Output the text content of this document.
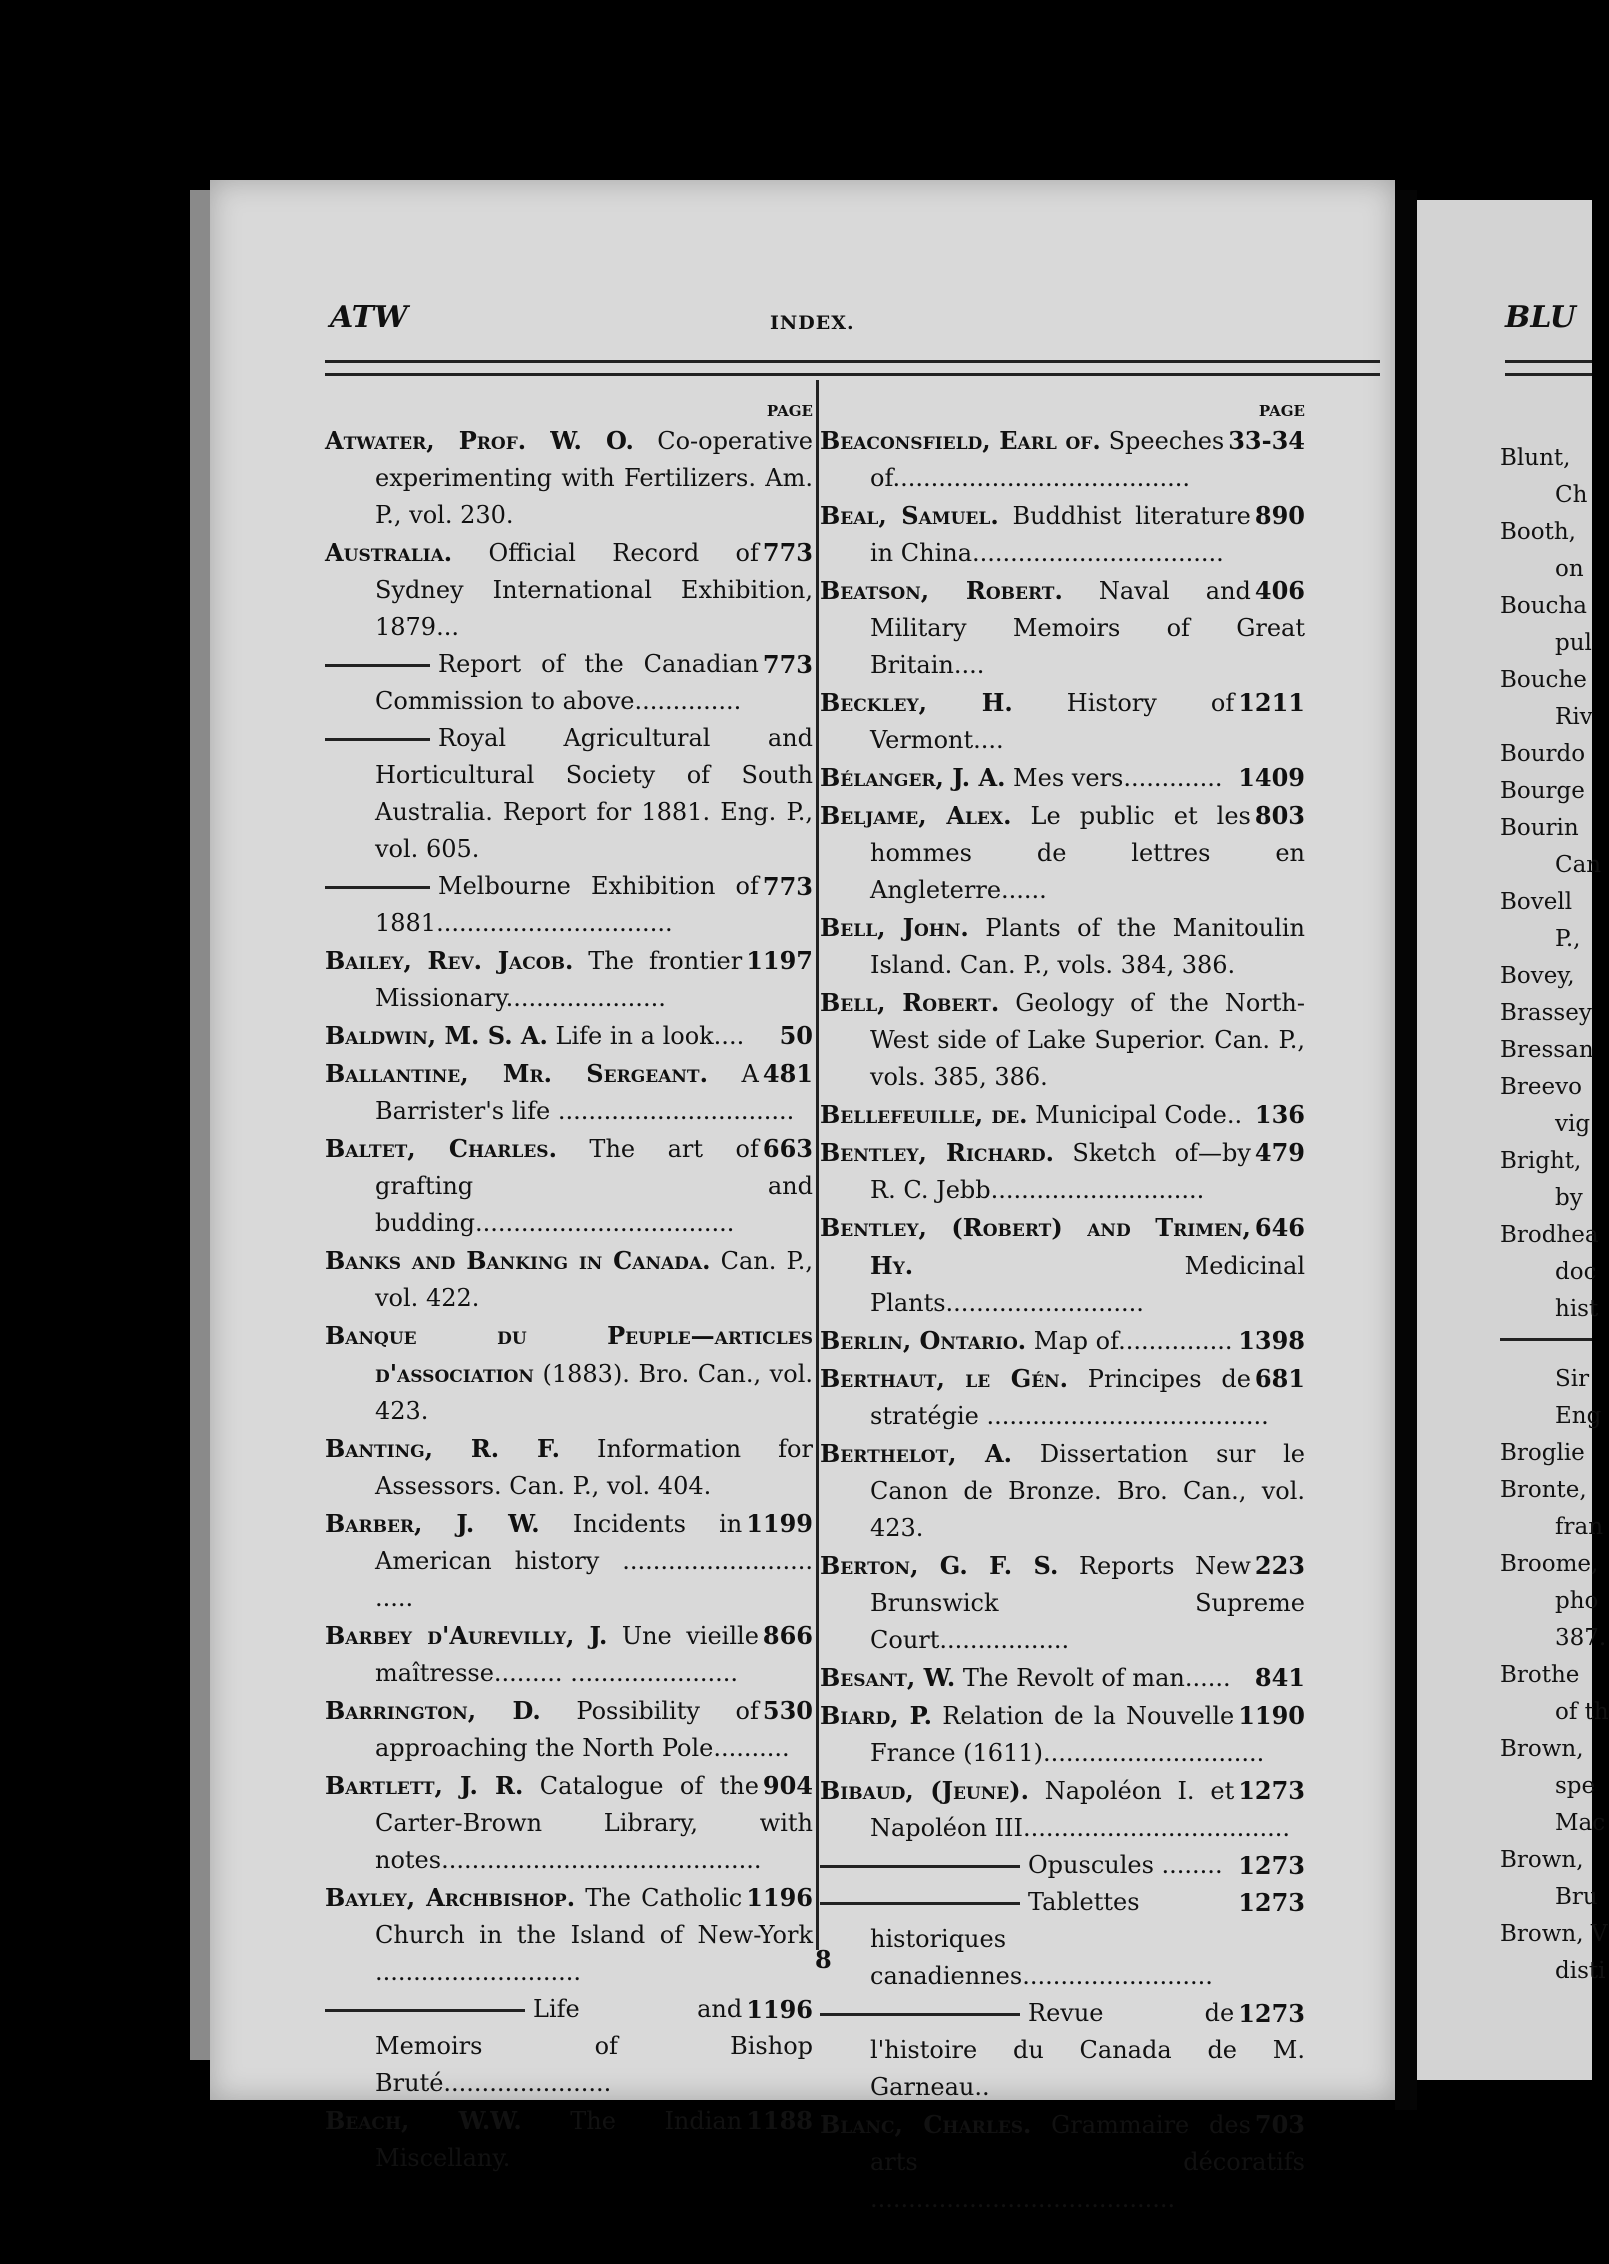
ATW	INDEX.	BLU
PAGE
Atwater, Prof. W. O. Co-operative experimenting with Fertilizers. Am. P., vol. 230.
773
Australia. Official Record of Sydney International Exhibition, 1879...
773
Report of the Canadian Commission to above..............
Royal Agricultural and Horticultural Society of South Australia. Report for 1881. Eng. P., vol. 605.
773
Melbourne Exhibition of 1881...............................
1197
Bailey, Rev. Jacob. The frontier Missionary.....................
50
Baldwin, M. S. A. Life in a look....
481
Ballantine, Mr. Sergeant. A Barrister's life ...............................
663
Baltet, Charles. The art of grafting and budding..................................
Banks and Banking in Canada. Can. P., vol. 422.
Banque du Peuple—articles d'association (1883). Bro. Can., vol. 423.
Banting, R. F. Information for Assessors. Can. P., vol. 404.
1199
Barber, J. W. Incidents in American history ......................... .....
866
Barbey d'Aurevilly, J. Une vieille maîtresse......... ......................
530
Barrington, D. Possibility of approaching the North Pole..........
904
Bartlett, J. R. Catalogue of the Carter-Brown Library, with notes..........................................
1196
Bayley, Archbishop. The Catholic Church in the Island of New-York ...........................
1196
Life and Memoirs of Bishop Bruté......................
1188
Beach, W.W. The Indian Miscellany.
PAGE
33-34
Beaconsfield, Earl of. Speeches of.......................................
890
Beal, Samuel. Buddhist literature in China.................................
406
Beatson, Robert. Naval and Military Memoirs of Great Britain....
1211
Beckley, H. History of Vermont....
1409
Bélanger, J. A. Mes vers.............
803
Beljame, Alex. Le public et les hommes de lettres en Angleterre......
Bell, John. Plants of the Manitoulin Island. Can. P., vols. 384, 386.
Bell, Robert. Geology of the North-West side of Lake Superior. Can. P., vols. 385, 386.
136
Bellefeuille, de. Municipal Code..
479
Bentley, Richard. Sketch of—by R. C. Jebb............................
646
Bentley, (Robert) and Trimen, Hy. Medicinal Plants..........................
1398
Berlin, Ontario. Map of...............
681
Berthaut, le Gén. Principes de stratégie .....................................
Berthelot, A. Dissertation sur le Canon de Bronze. Bro. Can., vol. 423.
223
Berton, G. F. S. Reports New Brunswick Supreme Court.................
841
Besant, W. The Revolt of man......
1190
Biard, P. Relation de la Nouvelle France (1611).............................
1273
Bibaud, (Jeune). Napoléon I. et Napoléon III...................................
1273
Opuscules ........
1273
Tablettes historiques canadiennes.........................
1273
Revue de l'histoire du Canada de M. Garneau..
703
Blanc, Charles. Grammaire des arts décoratifs ........................................
8
Blunt,
Ch
Booth,
on
Boucha
pul
Bouche
Riv
Bourdo
Bourge
Bourin
Can
Bovell
P.,
Bovey,
Brassey
Bressan
Breevo
vig
Bright,
by
Brodhea
doc
hist
Sir
Eng
Broglie
Bronte,
fran
Broome,
pho
387.
Brothe
of th
Brown,
spe
Mac
Brown,
Bru
Brown, V
disti
